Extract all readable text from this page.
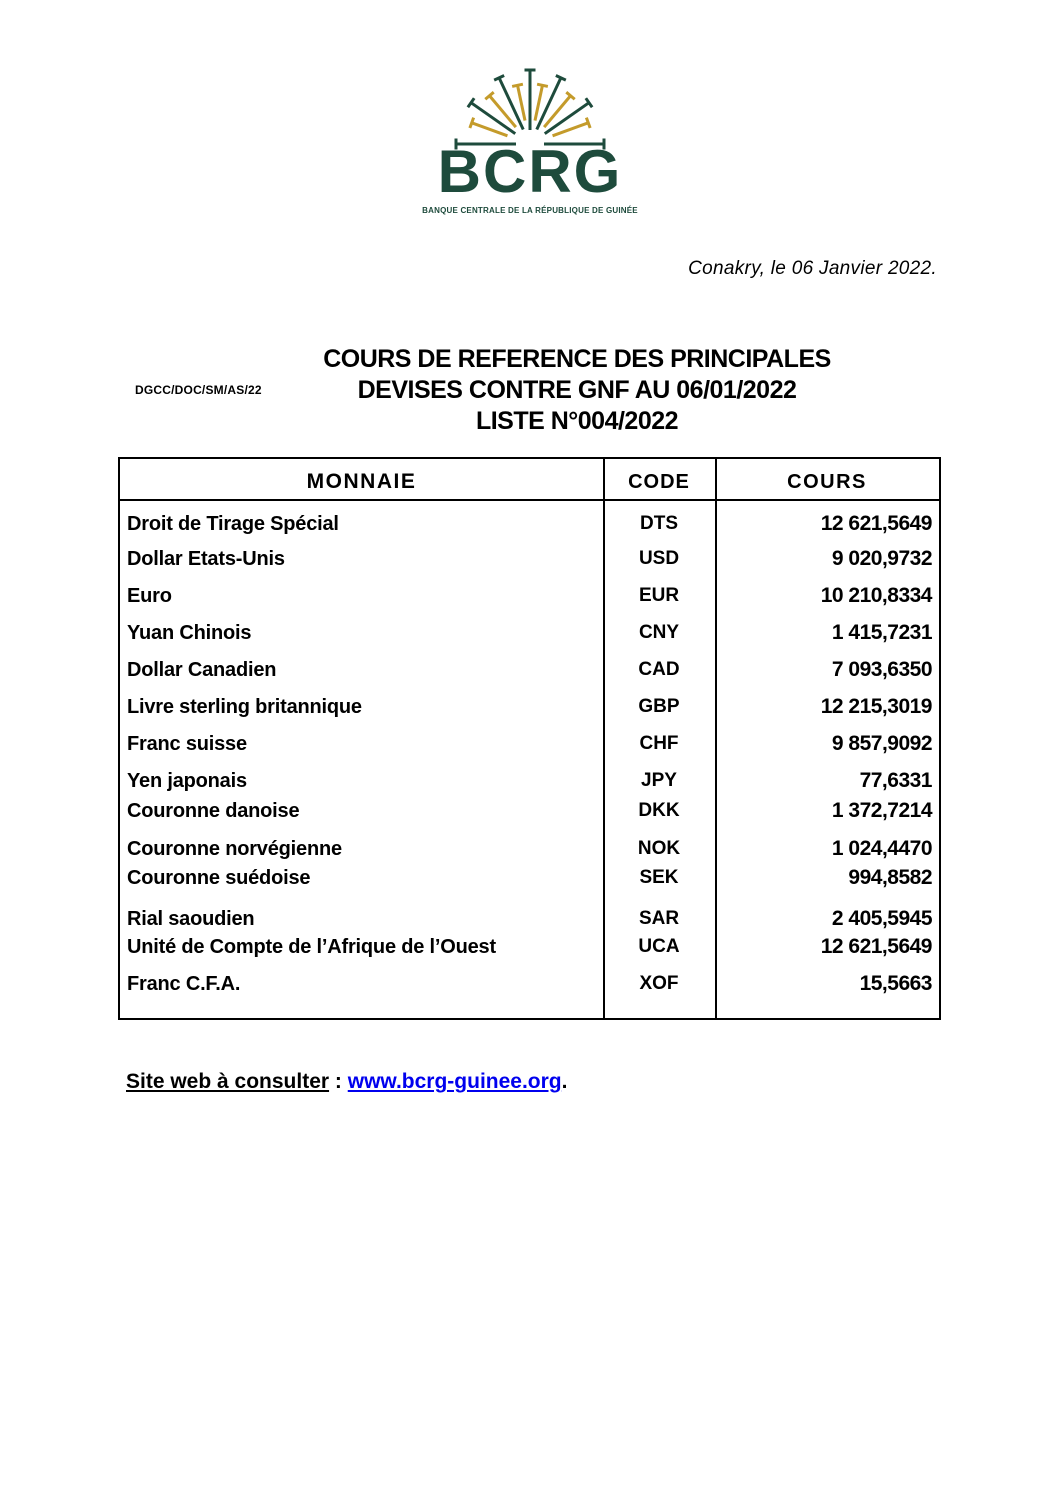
BCRG
BANQUE CENTRALE DE LA RÉPUBLIQUE DE GUINÉE
Conakry, le 06 Janvier 2022.
DGCC/DOC/SM/AS/22
COURS DE REFERENCE DES PRINCIPALES
DEVISES CONTRE GNF AU 06/01/2022
LISTE N°004/2022
MONNAIE	CODE	COURS
Droit de Tirage Spécial	DTS	12 621,5649
Dollar Etats-Unis	USD	9 020,9732
Euro	EUR	10 210,8334
Yuan Chinois	CNY	1 415,7231
Dollar Canadien	CAD	7 093,6350
Livre sterling britannique	GBP	12 215,3019
Franc suisse	CHF	9 857,9092
Yen japonais	JPY	77,6331
Couronne danoise	DKK	1 372,7214
Couronne norvégienne	NOK	1 024,4470
Couronne suédoise	SEK	994,8582
Rial saoudien	SAR	2 405,5945
Unité de Compte de l’Afrique de l’Ouest	UCA	12 621,5649
Franc C.F.A.	XOF	15,5663
Site web à consulter : www.bcrg-guinee.org.
